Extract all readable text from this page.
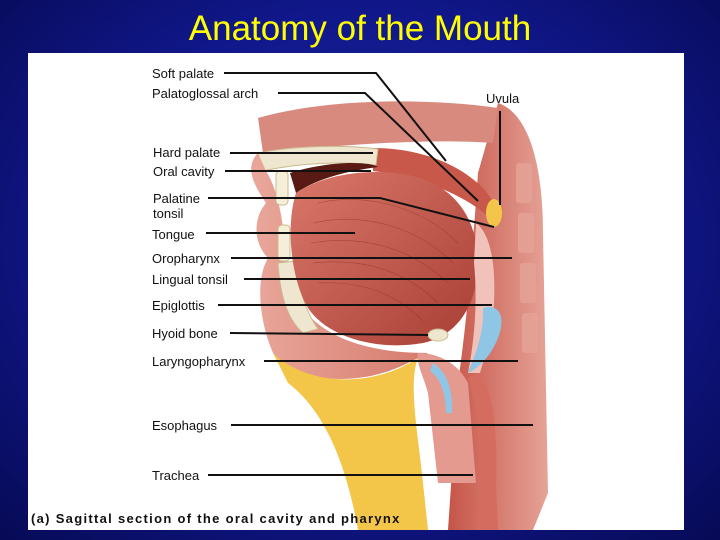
Anatomy of the Mouth
Soft palate
Palatoglossal arch
Hard palate
Oral cavity
Palatine tonsil
Tongue
Oropharynx
Lingual tonsil
Epiglottis
Hyoid bone
Laryngopharynx
Esophagus
Trachea
Uvula
(a) Sagittal section of the oral cavity and pharynx
